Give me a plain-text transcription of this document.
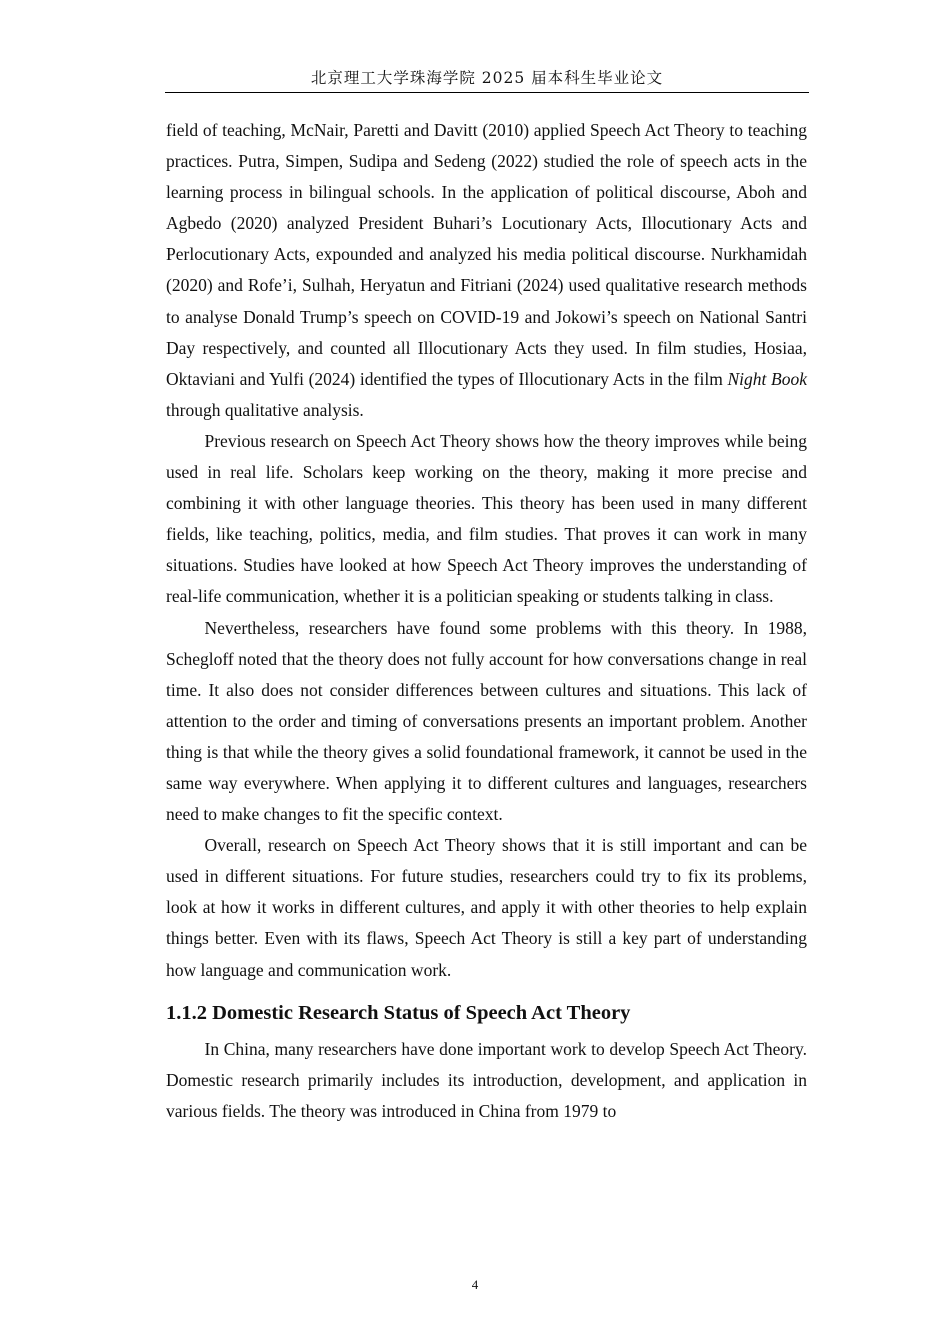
北京理工大学珠海学院 2025 届本科生毕业论文

field of teaching, McNair, Paretti and Davitt (2010) applied Speech Act Theory to teaching practices. Putra, Simpen, Sudipa and Sedeng (2022) studied the role of speech acts in the learning process in bilingual schools. In the application of political discourse, Aboh and Agbedo (2020) analyzed President Buhari’s Locutionary Acts, Illocutionary Acts and Perlocutionary Acts, expounded and analyzed his media political discourse. Nurkhamidah (2020) and Rofe’i, Sulhah, Heryatun and Fitriani (2024) used qualitative research methods to analyse Donald Trump’s speech on COVID-19 and Jokowi’s speech on National Santri Day respectively, and counted all Illocutionary Acts they used. In film studies, Hosiaa, Oktaviani and Yulfi (2024) identified the types of Illocutionary Acts in the film Night Book through qualitative analysis.

Previous research on Speech Act Theory shows how the theory improves while being used in real life. Scholars keep working on the theory, making it more precise and combining it with other language theories. This theory has been used in many different fields, like teaching, politics, media, and film studies. That proves it can work in many situations. Studies have looked at how Speech Act Theory improves the understanding of real-life communication, whether it is a politician speaking or students talking in class.

Nevertheless, researchers have found some problems with this theory. In 1988, Schegloff noted that the theory does not fully account for how conversations change in real time. It also does not consider differences between cultures and situations. This lack of attention to the order and timing of conversations presents an important problem. Another thing is that while the theory gives a solid foundational framework, it cannot be used in the same way everywhere. When applying it to different cultures and languages, researchers need to make changes to fit the specific context.

Overall, research on Speech Act Theory shows that it is still important and can be used in different situations. For future studies, researchers could try to fix its problems, look at how it works in different cultures, and apply it with other theories to help explain things better. Even with its flaws, Speech Act Theory is still a key part of understanding how language and communication work.

1.1.2 Domestic Research Status of Speech Act Theory

In China, many researchers have done important work to develop Speech Act Theory. Domestic research primarily includes its introduction, development, and application in various fields. The theory was introduced in China from 1979 to

4
